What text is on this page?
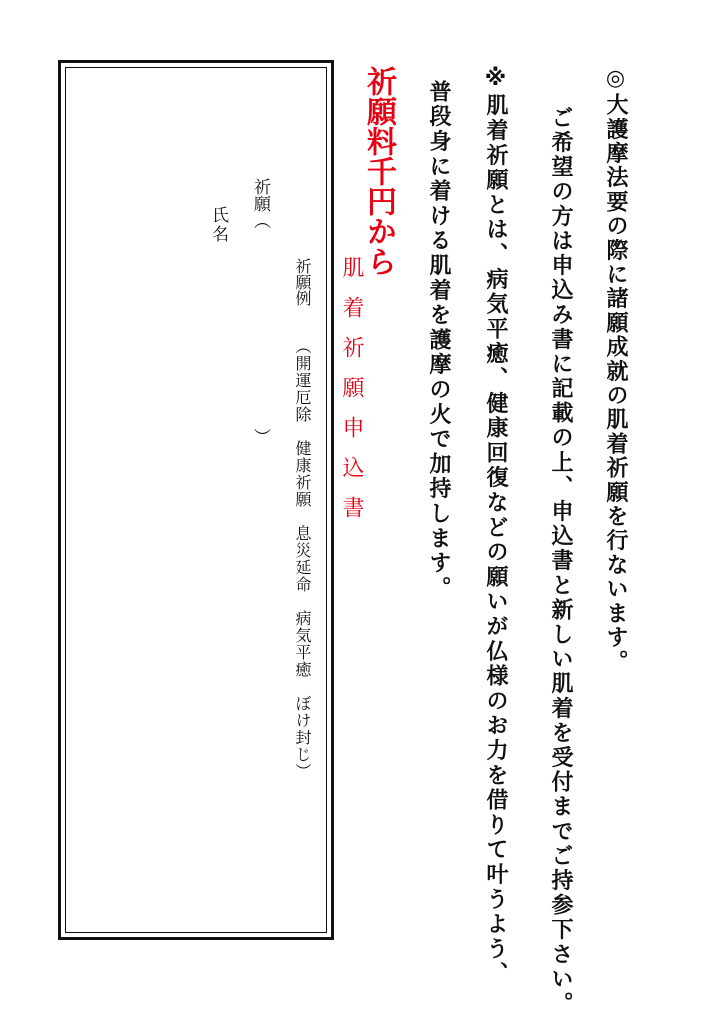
◎大護摩法要の際に諸願成就の肌着祈願を行ないます。
ご希望の方は申込み書に記載の上、申込書と新しい肌着を受付までご持参下さい。
※肌着祈願とは、病気平癒、健康回復などの願いが仏様のお力を借りて叶うよう、
普段身に着ける肌着を護摩の火で加持します。
祈願料千円から
肌着祈願申込書
祈願例
（開運厄除　健康祈願　息災延命　病気平癒　ぼけ封じ）
祈願（
）
氏名
